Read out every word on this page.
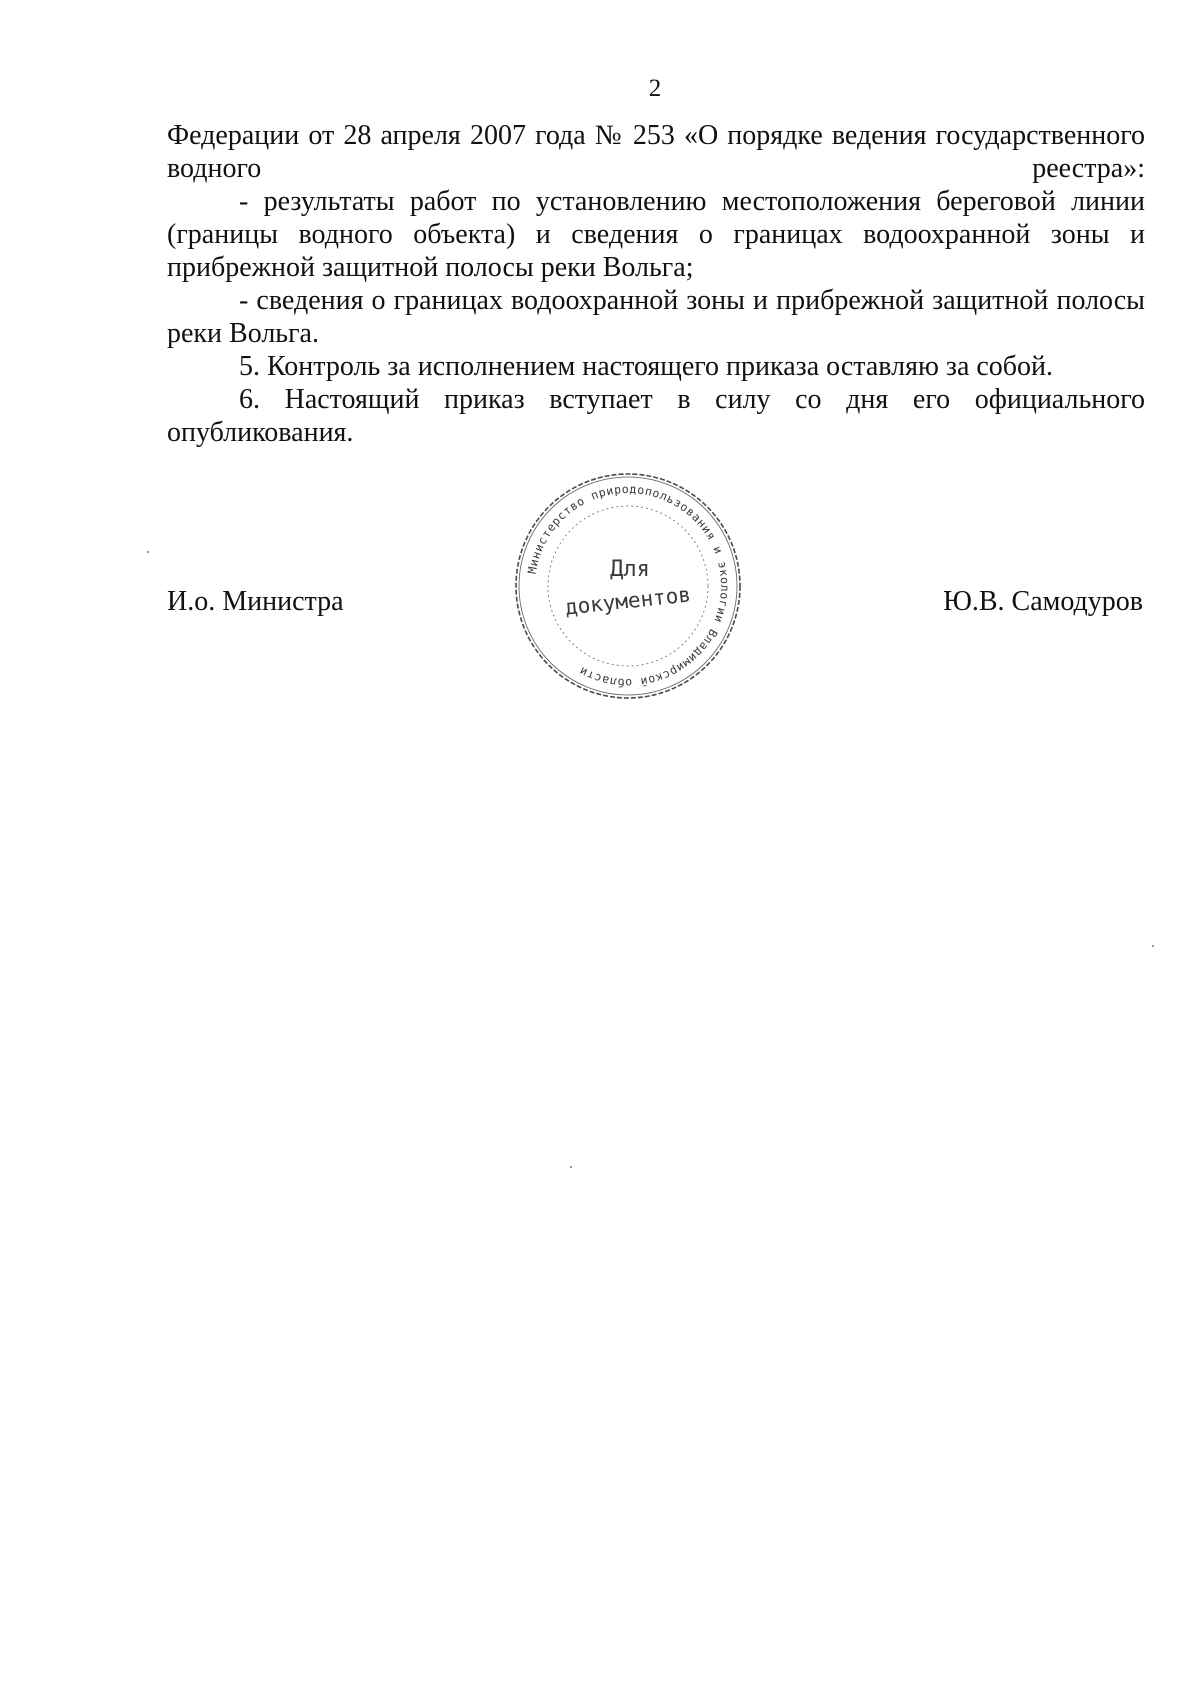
2

Федерации от 28 апреля 2007 года № 253 «О порядке ведения государственного водного реестра»:

- результаты работ по установлению местоположения береговой линии (границы водного объекта) и сведения о границах водоохранной зоны и прибрежной защитной полосы реки Вольга;

- сведения о границах водоохранной зоны и прибрежной защитной полосы реки Вольга.

5. Контроль за исполнением настоящего приказа оставляю за собой.

6. Настоящий приказ вступает в силу со дня его официального опубликования.

И.о. Министра	Ю.В. Самодуров
Министерство природопользования и экологии Владимирской области
Для
документов
